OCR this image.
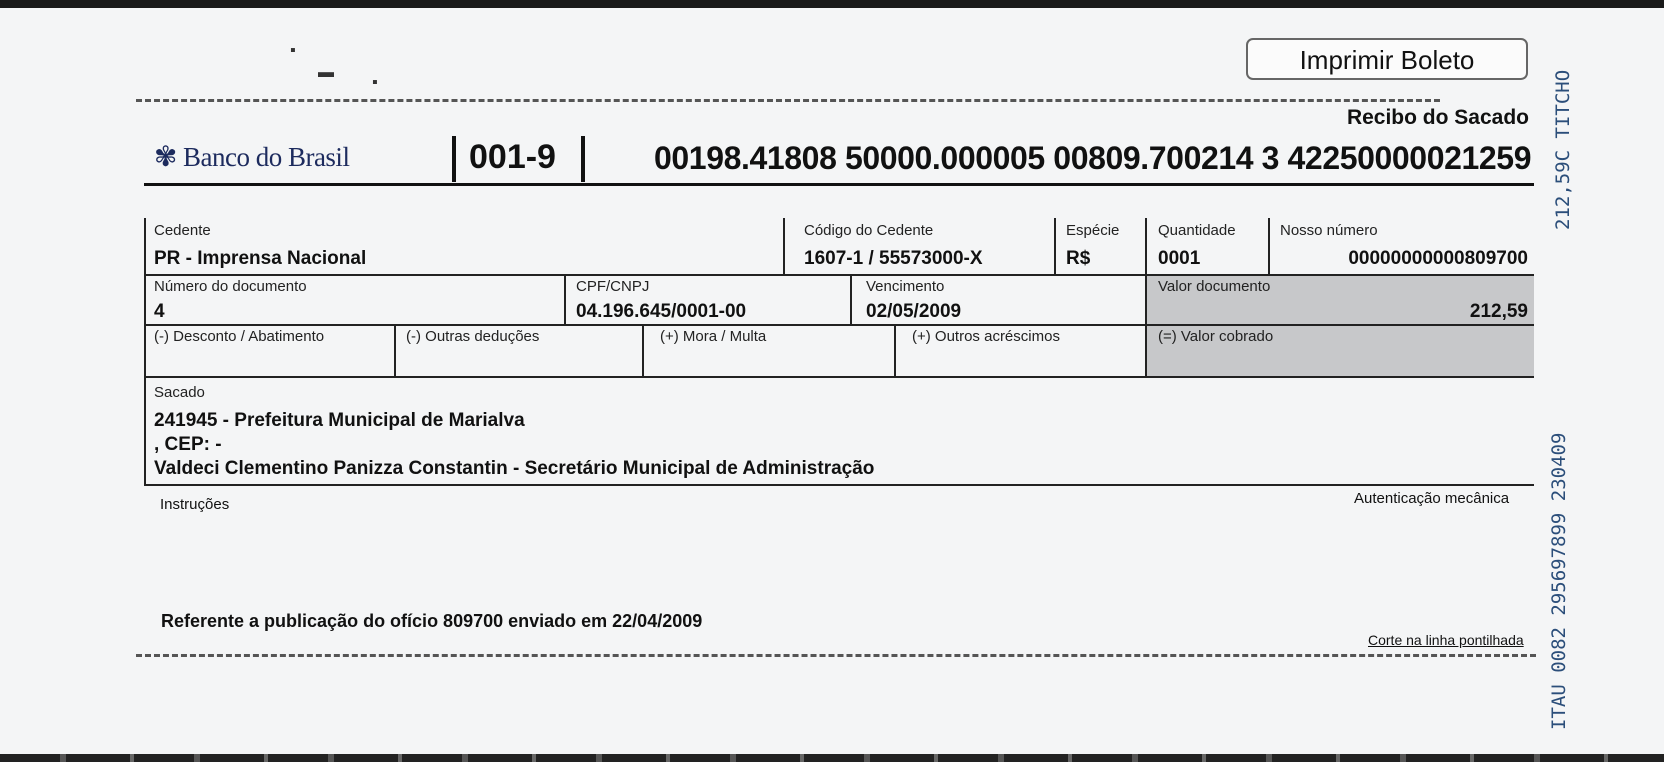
Imprimir Boleto
▪
▬
▪
Recibo do Sacado
✾ Banco do Brasil	001-9	00198.41808 50000.000005 00809.700214 3 42250000021259
Cedente
PR - Imprensa Nacional
Código do Cedente
1607-1 / 55573000-X
Espécie
R$
Quantidade
0001
Nosso número
00000000000809700
Número do documento
4
CPF/CNPJ
04.196.645/0001-00
Vencimento
02/05/2009
Valor documento
212,59
(-) Desconto / Abatimento	(-) Outras deduções	(+) Mora / Multa	(+) Outros acréscimos	(=) Valor cobrado
Sacado
241945 - Prefeitura Municipal de Marialva
, CEP: -
Valdeci Clementino Panizza Constantin - Secretário Municipal de Administração
Instruções	Autenticação mecânica
Referente a publicação do ofício 809700 enviado em 22/04/2009
Corte na linha pontilhada
212,59C TITCHO
ITAU 0082 295697899 230409
